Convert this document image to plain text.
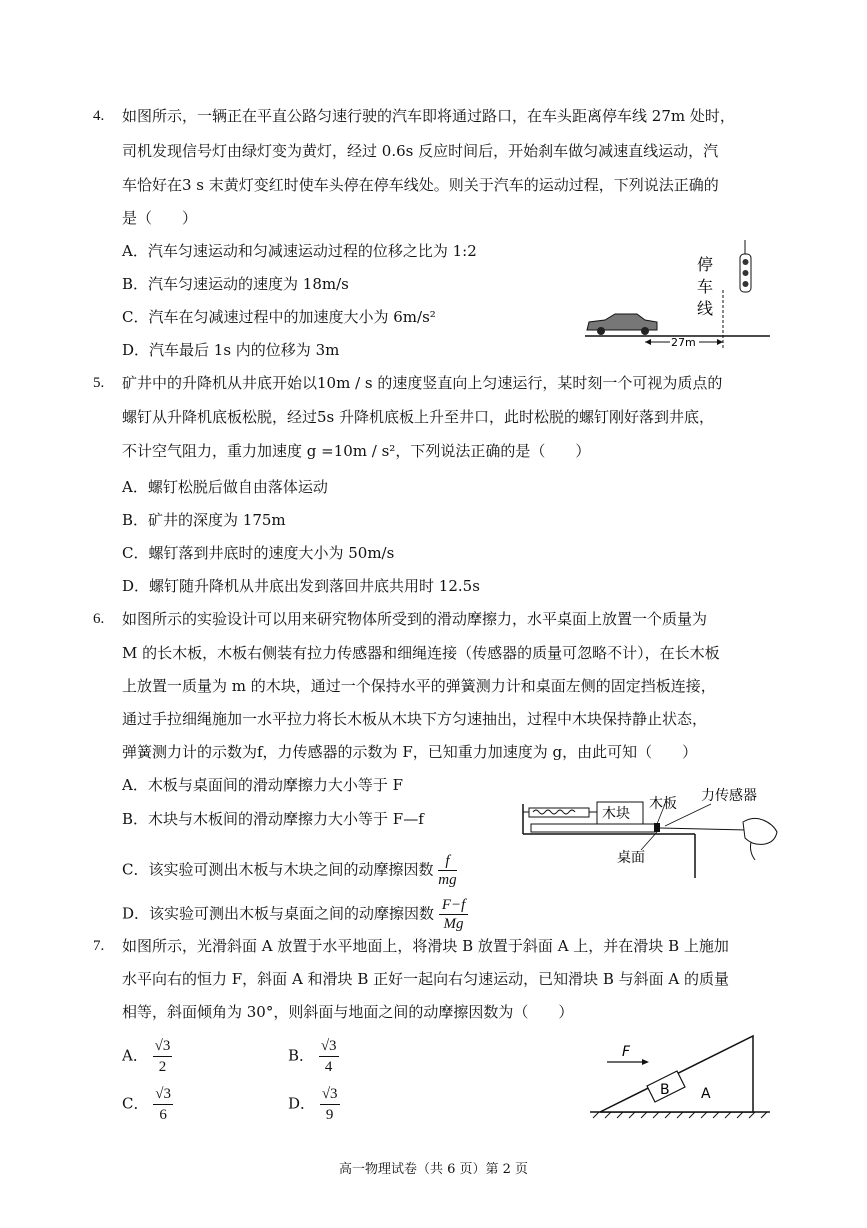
4. 如图所示，一辆正在平直公路匀速行驶的汽车即将通过路口，在车头距离停车线 27m 处时，
司机发现信号灯由绿灯变为黄灯，经过 0.6s 反应时间后，开始刹车做匀减速直线运动，汽
车恰好在3 s 末黄灯变红时使车头停在停车线处。则关于汽车的运动过程，下列说法正确的
是（　　）
A．汽车匀速运动和匀减速运动过程的位移之比为 1:2
B．汽车匀速运动的速度为 18m/s
C．汽车在匀减速过程中的加速度大小为 6m/s²
D．汽车最后 1s 内的位移为 3m	27m
停
车
线
5. 矿井中的升降机从井底开始以10m / s 的速度竖直向上匀速运行，某时刻一个可视为质点的
螺钉从升降机底板松脱，经过5s 升降机底板上升至井口，此时松脱的螺钉刚好落到井底，
不计空气阻力，重力加速度 g =10m / s²，下列说法正确的是（　　）
A．螺钉松脱后做自由落体运动
B．矿井的深度为 175m
C．螺钉落到井底时的速度大小为 50m/s
D．螺钉随升降机从井底出发到落回井底共用时 12.5s
6. 如图所示的实验设计可以用来研究物体所受到的滑动摩擦力，水平桌面上放置一个质量为
M 的长木板，木板右侧装有拉力传感器和细绳连接（传感器的质量可忽略不计），在长木板
上放置一质量为 m 的木块，通过一个保持水平的弹簧测力计和桌面左侧的固定挡板连接，
通过手拉细绳施加一水平拉力将长木板从木块下方匀速抽出，过程中木块保持静止状态，
弹簧测力计的示数为f，力传感器的示数为 F，已知重力加速度为 g，由此可知（　　）
A．木板与桌面间的滑动摩擦力大小等于 F
B．木块与木板间的滑动摩擦力大小等于 F—f
C．该实验可测出木板与木块之间的动摩擦因数 $\frac{f}{mg}$
D．该实验可测出木板与桌面之间的动摩擦因数 $\frac{F-f}{Mg}$
木块
木板 力传感器
桌面
7. 如图所示，光滑斜面 A 放置于水平地面上，将滑块 B 放置于斜面 A 上，并在滑块 B 上施加
水平向右的恒力 F，斜面 A 和滑块 B 正好一起向右匀速运动，已知滑块 B 与斜面 A 的质量
相等，斜面倾角为 30°，则斜面与地面之间的动摩擦因数为（　　）
A． $\frac{√3}{2}$	B． $\frac{√3}{4}$
C． $\frac{√3}{6}$	D． $\frac{√3}{9}$	B
F
A
高一物理试卷（共 6 页）第 2 页
